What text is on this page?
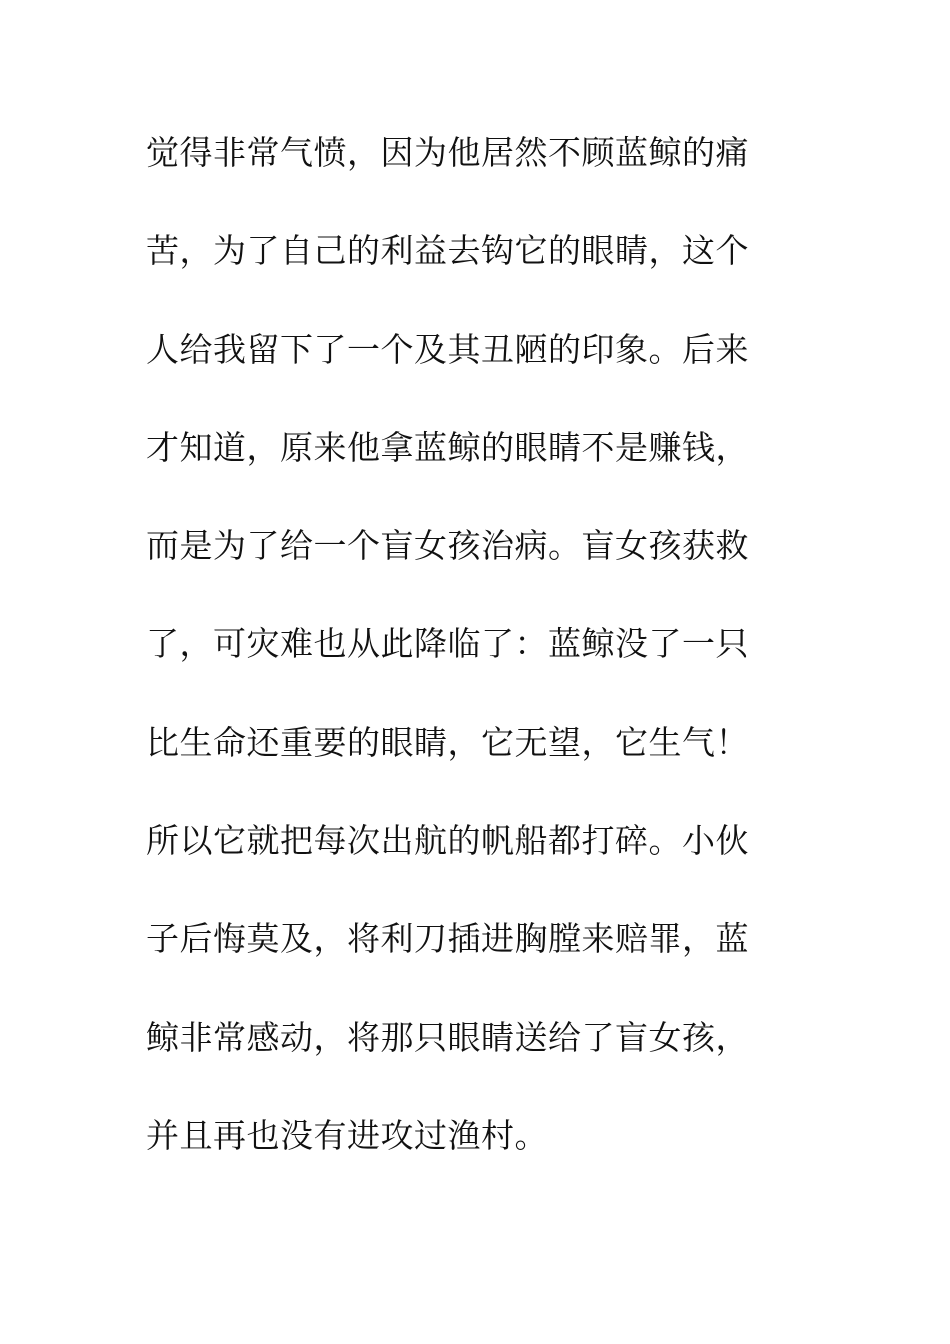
觉得非常气愤，因为他居然不顾蓝鲸的痛
苦，为了自己的利益去钩它的眼睛，这个
人给我留下了一个及其丑陋的印象。后来
才知道，原来他拿蓝鲸的眼睛不是赚钱，
而是为了给一个盲女孩治病。盲女孩获救
了，可灾难也从此降临了：蓝鲸没了一只
比生命还重要的眼睛，它无望，它生气！
所以它就把每次出航的帆船都打碎。小伙
子后悔莫及，将利刀插进胸膛来赔罪，蓝
鲸非常感动，将那只眼睛送给了盲女孩，
并且再也没有进攻过渔村。
